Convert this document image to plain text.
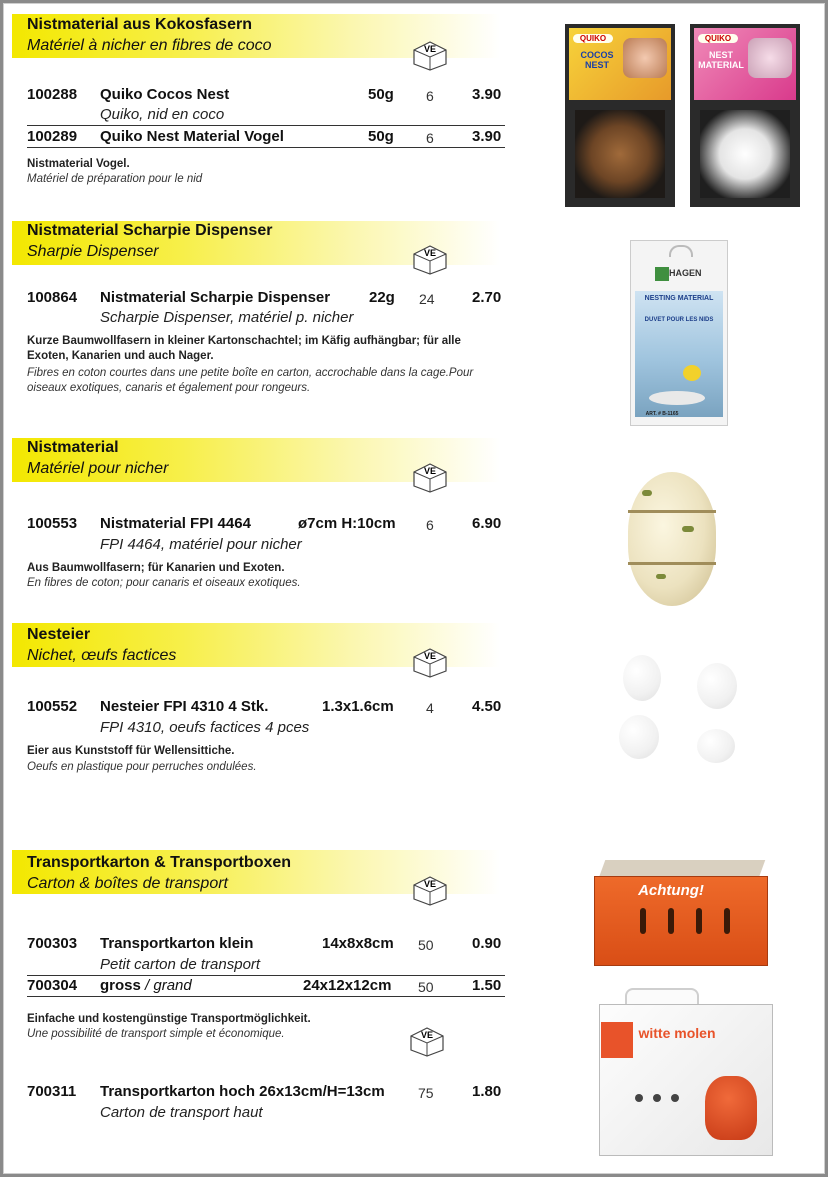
Nistmaterial aus Kokosfasern
Matériel à nicher en fibres de coco	VE
100288 Quiko Cocos Nest	50g 6	3.90
Quiko, nid en coco
100289 Quiko Nest Material Vogel	50g 6	3.90
Nistmaterial Vogel.
Matériel de préparation pour le nid
QUIKO
COCOS NEST
QUIKO
NEST MATERIAL
Nistmaterial Scharpie Dispenser
Sharpie Dispenser	VE
100864 Nistmaterial Scharpie Dispenser	22g 24 2.70
Scharpie Dispenser, matériel p. nicher
Kurze Baumwollfasern in kleiner Kartonschachtel; im Käfig aufhängbar; für alle Exoten, Kanarien und auch Nager.
Fibres en coton courtes dans une petite boîte en carton, accrochable dans la cage.Pour oiseaux exotiques, canaris et également pour rongeurs.
HAGEN
NESTING MATERIAL
DUVET POUR LES NIDS
ART. # B-1165
Nistmaterial
Matériel pour nicher	VE
100553 Nistmaterial FPI 4464	ø7cm H:10cm 6	6.90
FPI 4464, matériel pour nicher
Aus Baumwollfasern; für Kanarien und Exoten.
En fibres de coton; pour canaris et oiseaux exotiques.
Nesteier
Nichet, œufs factices	VE
100552 Nesteier FPI 4310 4 Stk.	1.3x1.6cm 4	4.50
FPI 4310, oeufs factices 4 pces
Eier aus Kunststoff für Wellensittiche.
Oeufs en plastique pour perruches ondulées.
Transportkarton & Transportboxen
Carton & boîtes de transport	VE
700303 Transportkarton klein	14x8x8cm 50	0.90
Petit carton de transport
700304 gross / grand	24x12x12cm 50	1.50
Einfache und kostengünstige Transportmöglichkeit.
Une possibilité de transport simple et économique.	VE
700311 Transportkarton hoch 26x13cm/H=13cm 75	1.80
Carton de transport haut
Achtung!
witte molen
